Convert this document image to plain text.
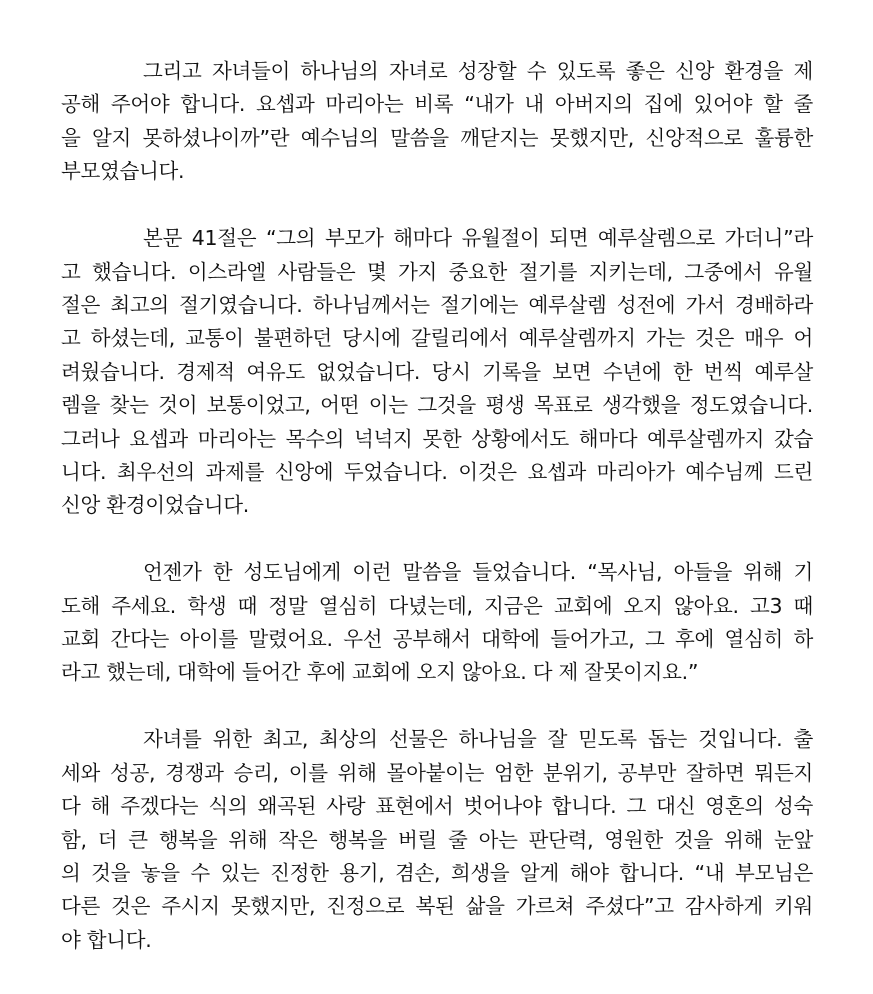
그리고 자녀들이 하나님의 자녀로 성장할 수 있도록 좋은 신앙 환경을 제
공해 주어야 합니다. 요셉과 마리아는 비록 “내가 내 아버지의 집에 있어야 할 줄
을 알지 못하셨나이까”란 예수님의 말씀을 깨닫지는 못했지만, 신앙적으로 훌륭한
부모였습니다.
본문 41절은 “그의 부모가 해마다 유월절이 되면 예루살렘으로 가더니”라
고 했습니다. 이스라엘 사람들은 몇 가지 중요한 절기를 지키는데, 그중에서 유월
절은 최고의 절기였습니다. 하나님께서는 절기에는 예루살렘 성전에 가서 경배하라
고 하셨는데, 교통이 불편하던 당시에 갈릴리에서 예루살렘까지 가는 것은 매우 어
려웠습니다. 경제적 여유도 없었습니다. 당시 기록을 보면 수년에 한 번씩 예루살
렘을 찾는 것이 보통이었고, 어떤 이는 그것을 평생 목표로 생각했을 정도였습니다.
그러나 요셉과 마리아는 목수의 넉넉지 못한 상황에서도 해마다 예루살렘까지 갔습
니다. 최우선의 과제를 신앙에 두었습니다. 이것은 요셉과 마리아가 예수님께 드린
신앙 환경이었습니다.
언젠가 한 성도님에게 이런 말씀을 들었습니다. “목사님, 아들을 위해 기
도해 주세요. 학생 때 정말 열심히 다녔는데, 지금은 교회에 오지 않아요. 고3 때
교회 간다는 아이를 말렸어요. 우선 공부해서 대학에 들어가고, 그 후에 열심히 하
라고 했는데, 대학에 들어간 후에 교회에 오지 않아요. 다 제 잘못이지요.”
자녀를 위한 최고, 최상의 선물은 하나님을 잘 믿도록 돕는 것입니다. 출
세와 성공, 경쟁과 승리, 이를 위해 몰아붙이는 엄한 분위기, 공부만 잘하면 뭐든지
다 해 주겠다는 식의 왜곡된 사랑 표현에서 벗어나야 합니다. 그 대신 영혼의 성숙
함, 더 큰 행복을 위해 작은 행복을 버릴 줄 아는 판단력, 영원한 것을 위해 눈앞
의 것을 놓을 수 있는 진정한 용기, 겸손, 희생을 알게 해야 합니다. “내 부모님은
다른 것은 주시지 못했지만, 진정으로 복된 삶을 가르쳐 주셨다”고 감사하게 키워
야 합니다.
